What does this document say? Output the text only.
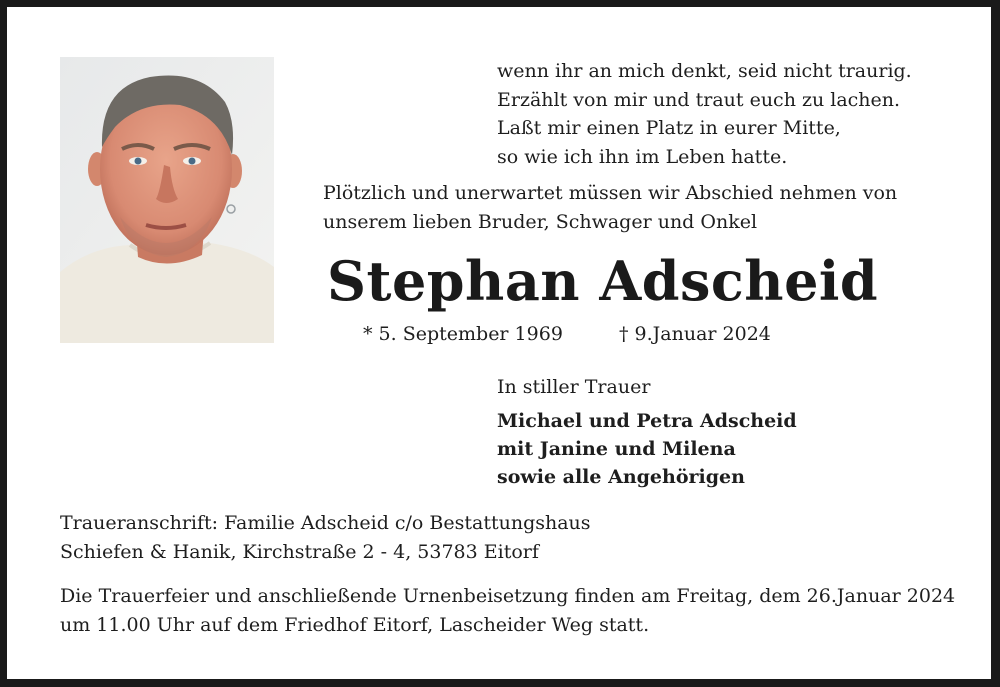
wenn ihr an mich denkt, seid nicht traurig.
Erzählt von mir und traut euch zu lachen.
Laßt mir einen Platz in eurer Mitte,
so wie ich ihn im Leben hatte.
Plötzlich und unerwartet müssen wir Abschied nehmen von
unserem lieben Bruder, Schwager und Onkel
Stephan Adscheid
* 5. September 1969	† 9.Januar 2024
In stiller Trauer
Michael und Petra Adscheid
mit Janine und Milena
sowie alle Angehörigen
Traueranschrift: Familie Adscheid c/o Bestattungshaus
Schiefen & Hanik, Kirchstraße 2 - 4, 53783 Eitorf
Die Trauerfeier und anschließende Urnenbeisetzung finden am Freitag, dem 26.Januar 2024
um 11.00 Uhr auf dem Friedhof Eitorf, Lascheider Weg statt.
